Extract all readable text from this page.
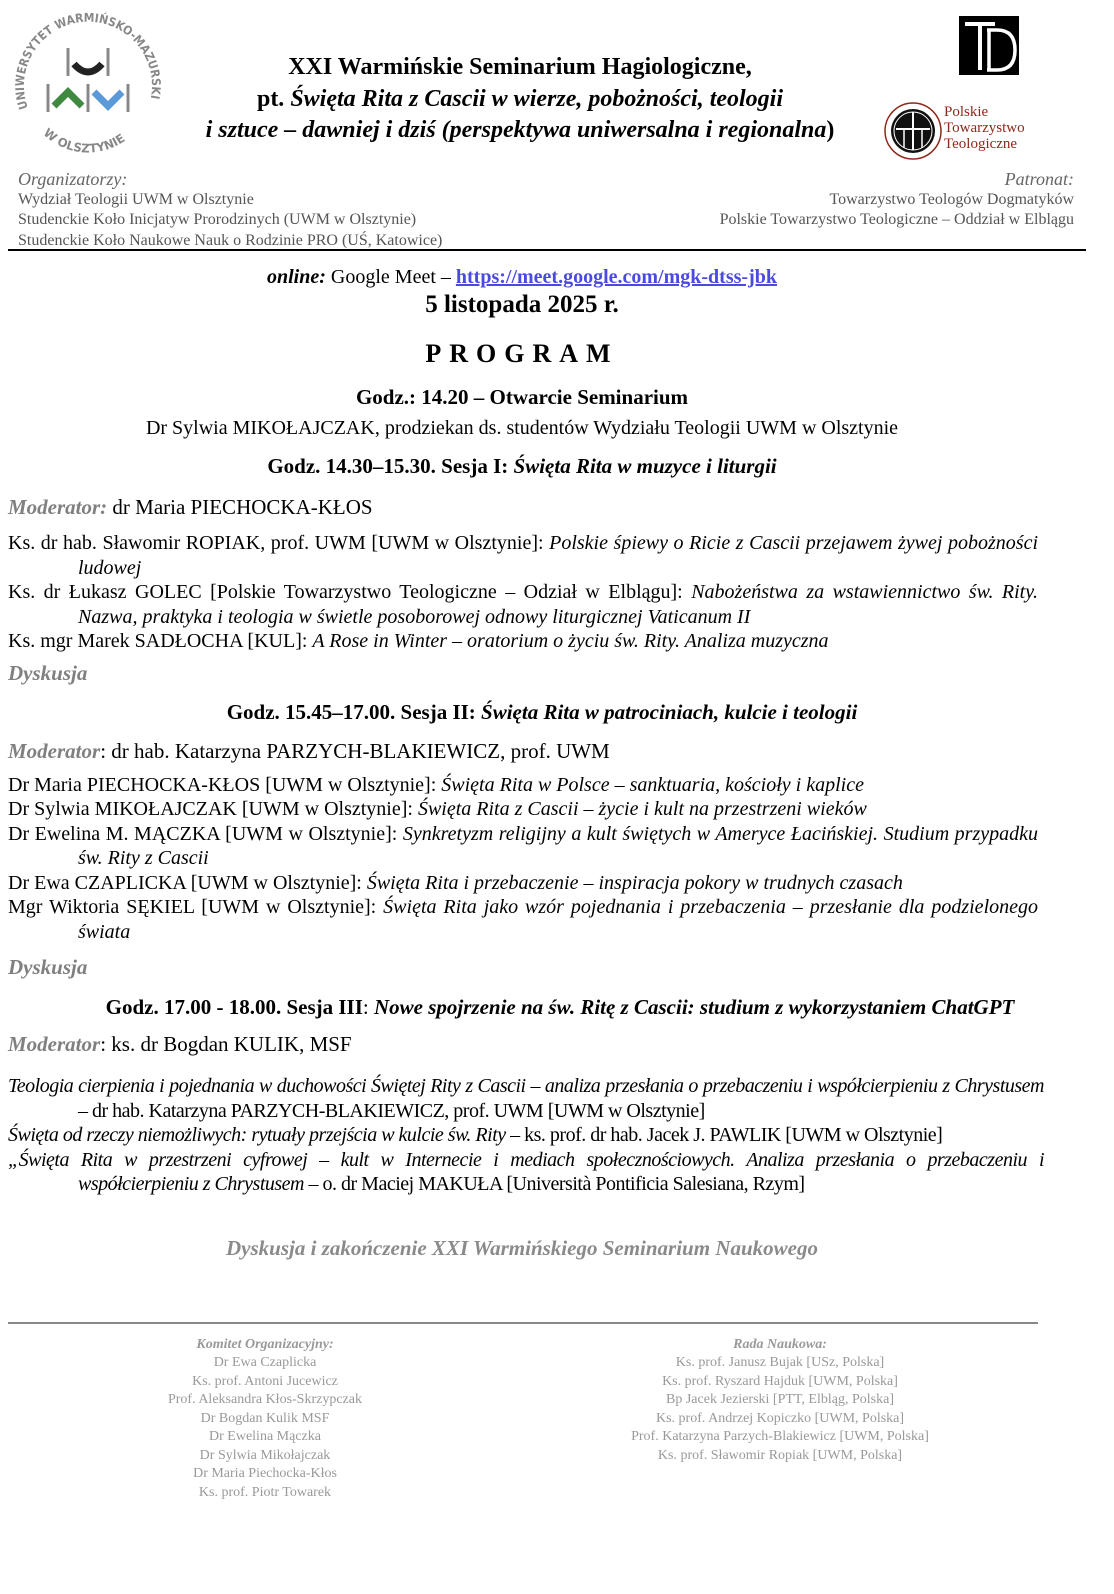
UNIWERSYTET WARMIŃSKO-MAZURSKI
W OLSZTYNIE
XXI Warmińskie Seminarium Hagiologiczne,
pt. Święta Rita z Cascii w wierze, pobożności, teologii
i sztuce – dawniej i dziś (perspektywa uniwersalna i regionalna)
Polskie
Towarzystwo
Teologiczne
Organizatorzy:
Wydział Teologii UWM w Olsztynie
Studenckie Koło Inicjatyw Prorodzinych (UWM w Olsztynie)
Studenckie Koło Naukowe Nauk o Rodzinie PRO (UŚ, Katowice)
Patronat:
Towarzystwo Teologów Dogmatyków
Polskie Towarzystwo Teologiczne – Oddział w Elblągu
online: Google Meet – https://meet.google.com/mgk-dtss-jbk
5 listopada 2025 r.
PROGRAM
Godz.: 14.20 – Otwarcie Seminarium
Dr Sylwia MIKOŁAJCZAK, prodziekan ds. studentów Wydziału Teologii UWM w Olsztynie
Godz. 14.30–15.30. Sesja I: Święta Rita w muzyce i liturgii
Moderator: dr Maria PIECHOCKA-KŁOS
Ks. dr hab. Sławomir ROPIAK, prof. UWM [UWM w Olsztynie]: Polskie śpiewy o Ricie z Cascii przejawem żywej pobożności ludowej
Ks. dr Łukasz GOLEC [Polskie Towarzystwo Teologiczne – Odział w Elblągu]: Nabożeństwa za wstawiennictwo św. Rity. Nazwa, praktyka i teologia w świetle posoborowej odnowy liturgicznej Vaticanum II
Ks. mgr Marek SADŁOCHA [KUL]: A Rose in Winter – oratorium o życiu św. Rity. Analiza muzyczna
Dyskusja
Godz. 15.45–17.00. Sesja II: Święta Rita w patrociniach, kulcie i teologii
Moderator: dr hab. Katarzyna PARZYCH-BLAKIEWICZ, prof. UWM
Dr Maria PIECHOCKA-KŁOS [UWM w Olsztynie]: Święta Rita w Polsce – sanktuaria, kościoły i kaplice
Dr Sylwia MIKOŁAJCZAK [UWM w Olsztynie]: Święta Rita z Cascii – życie i kult na przestrzeni wieków
Dr Ewelina M. MĄCZKA [UWM w Olsztynie]: Synkretyzm religijny a kult świętych w Ameryce Łacińskiej. Studium przypadku św. Rity z Cascii
Dr Ewa CZAPLICKA [UWM w Olsztynie]: Święta Rita i przebaczenie – inspiracja pokory w trudnych czasach
Mgr Wiktoria SĘKIEL [UWM w Olsztynie]: Święta Rita jako wzór pojednania i przebaczenia – przesłanie dla podzielonego świata
Dyskusja
Godz. 17.00 - 18.00. Sesja III: Nowe spojrzenie na św. Ritę z Cascii: studium z wykorzystaniem ChatGPT
Moderator: ks. dr Bogdan KULIK, MSF
Teologia cierpienia i pojednania w duchowości Świętej Rity z Cascii – analiza przesłania o przebaczeniu i współcierpieniu z Chrystusem – dr hab. Katarzyna PARZYCH-BLAKIEWICZ, prof. UWM [UWM w Olsztynie]
Święta od rzeczy niemożliwych: rytuały przejścia w kulcie św. Rity – ks. prof. dr hab. Jacek J. PAWLIK [UWM w Olsztynie]
„Święta Rita w przestrzeni cyfrowej – kult w Internecie i mediach społecznościowych. Analiza przesłania o przebaczeniu i współcierpieniu z Chrystusem – o. dr Maciej MAKUŁA [Università Pontificia Salesiana, Rzym]
Dyskusja i zakończenie XXI Warmińskiego Seminarium Naukowego
Komitet Organizacyjny:
Dr Ewa Czaplicka
Ks. prof. Antoni Jucewicz
Prof. Aleksandra Kłos-Skrzypczak
Dr Bogdan Kulik MSF
Dr Ewelina Mączka
Dr Sylwia Mikołajczak
Dr Maria Piechocka-Kłos
Ks. prof. Piotr Towarek
Rada Naukowa:
Ks. prof. Janusz Bujak [USz, Polska]
Ks. prof. Ryszard Hajduk [UWM, Polska]
Bp Jacek Jezierski [PTT, Elbląg, Polska]
Ks. prof. Andrzej Kopiczko [UWM, Polska]
Prof. Katarzyna Parzych-Blakiewicz [UWM, Polska]
Ks. prof. Sławomir Ropiak [UWM, Polska]
